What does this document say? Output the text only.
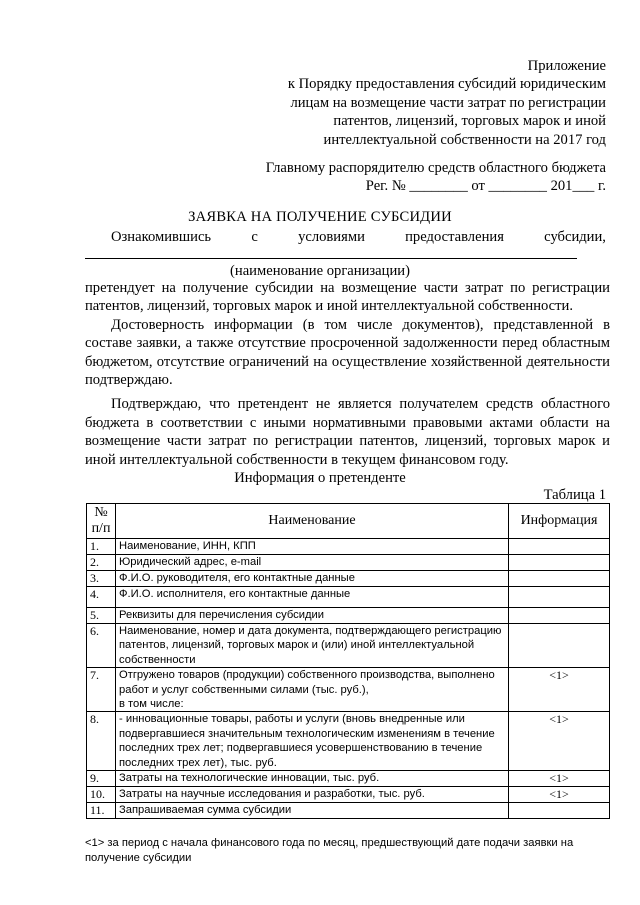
Приложение
к Порядку предоставления субсидий юридическим
лицам на возмещение части затрат по регистрации
патентов, лицензий, торговых марок и иной
интеллектуальной собственности на 2017 год
Главному распорядителю средств областного бюджета
Рег. № ________ от ________ 201___ г.
ЗАЯВКА НА ПОЛУЧЕНИЕ СУБСИДИИ
Ознакомившись	с	условиями	предоставления	субсидии,
(наименование организации)

претендует на получение субсидии на возмещение части затрат по регистрации патентов, лицензий, торговых марок и иной интеллектуальной собственности.

Достоверность информации (в том числе документов), представленной в составе заявки, а также отсутствие просроченной задолженности перед областным бюджетом, отсутствие ограничений на осуществление хозяйственной деятельности подтверждаю.

Подтверждаю, что претендент не является получателем средств областного бюджета в соответствии с иными нормативными правовыми актами области на возмещение части затрат по регистрации патентов, лицензий, торговых марок и иной интеллектуальной собственности в текущем финансовом году.

Информация о претенденте
Таблица 1
№
п/п	Наименование	Информация
1.	Наименование, ИНН, КПП	
2.	Юридический адрес, e-mail	
3.	Ф.И.О. руководителя, его контактные данные	
4.	Ф.И.О. исполнителя, его контактные данные	
5.	Реквизиты для перечисления субсидии	
6.	Наименование, номер и дата документа, подтверждающего регистрацию патентов, лицензий, торговых марок и (или) иной интеллектуальной собственности	
7.	Отгружено товаров (продукции) собственного производства, выполнено работ и услуг собственными силами (тыс. руб.),
в том числе:	<1>
8.	- инновационные товары, работы и услуги (вновь внедренные или подвергавшиеся значительным технологическим изменениям в течение последних трех лет; подвергавшиеся усовершенствованию в течение последних трех лет), тыс. руб.	<1>
9.	Затраты на технологические инновации, тыс. руб.	<1>
10.	Затраты на научные исследования и разработки, тыс. руб.	<1>
11.	Запрашиваемая сумма субсидии	
<1> за период с начала финансового года по месяц, предшествующий дате подачи заявки на получение субсидии
